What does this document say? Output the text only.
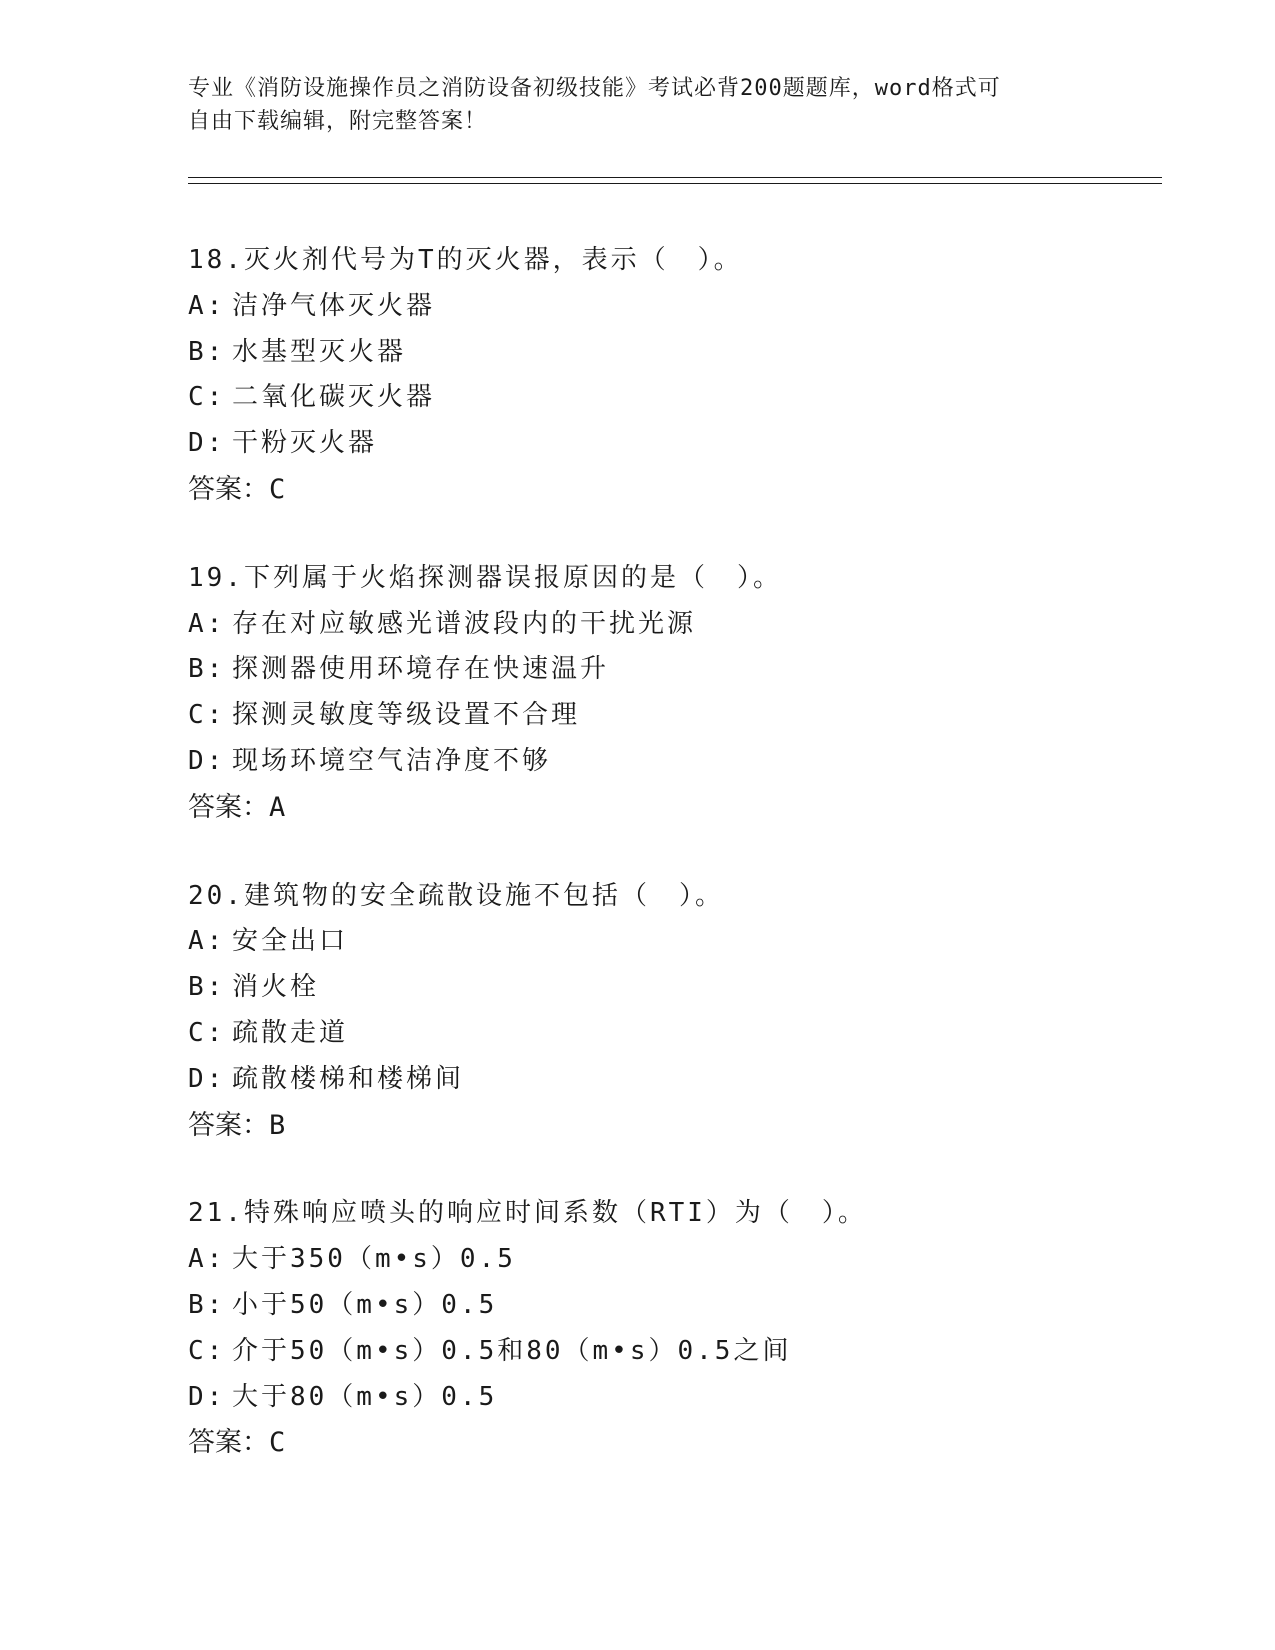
专业《消防设施操作员之消防设备初级技能》考试必背200题题库，word格式可
自由下载编辑，附完整答案！
18.灭火剂代号为T的灭火器，表示（　）。
A: 洁净气体灭火器
B: 水基型灭火器
C: 二氧化碳灭火器
D: 干粉灭火器
答案：C
19.下列属于火焰探测器误报原因的是（　）。
A: 存在对应敏感光谱波段内的干扰光源
B: 探测器使用环境存在快速温升
C: 探测灵敏度等级设置不合理
D: 现场环境空气洁净度不够
答案：A
20.建筑物的安全疏散设施不包括（　）。
A: 安全出口
B: 消火栓
C: 疏散走道
D: 疏散楼梯和楼梯间
答案：B
21.特殊响应喷头的响应时间系数（RTI）为（　）。
A: 大于350（m•s）0.5
B: 小于50（m•s）0.5
C: 介于50（m•s）0.5和80（m•s）0.5之间
D: 大于80（m•s）0.5
答案：C
